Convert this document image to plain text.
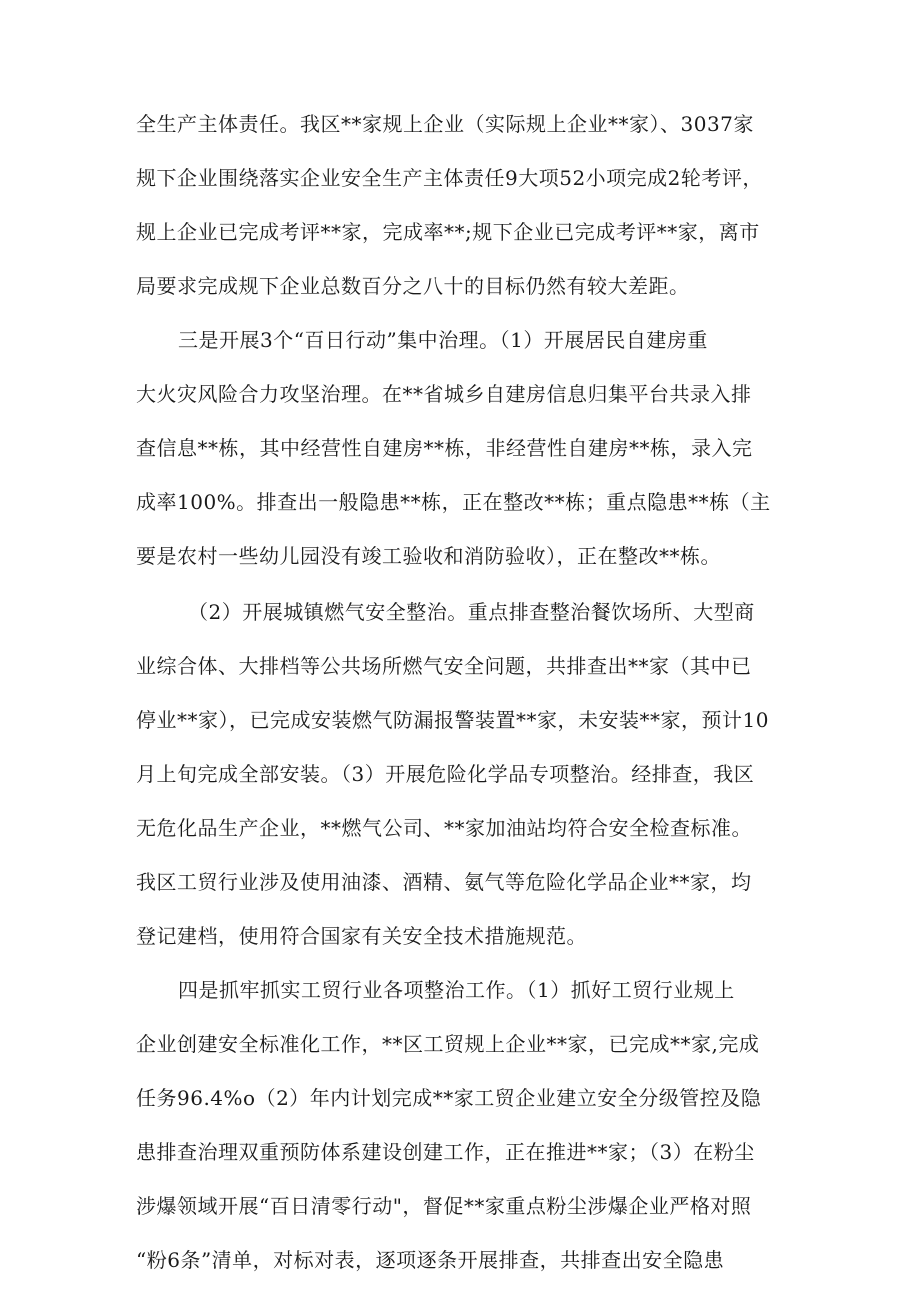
全生产主体责任。我区**家规上企业（实际规上企业**家）、3037家
规下企业围绕落实企业安全生产主体责任9大项52小项完成2轮考评，
规上企业已完成考评**家，完成率**;规下企业已完成考评**家，离市
局要求完成规下企业总数百分之八十的目标仍然有较大差距。
三是开展3个“百日行动”集中治理。（1）开展居民自建房重
大火灾风险合力攻坚治理。在**省城乡自建房信息归集平台共录入排
查信息**栋，其中经营性自建房**栋，非经营性自建房**栋，录入完
成率100%。排查出一般隐患**栋，正在整改**栋；重点隐患**栋（主
要是农村一些幼儿园没有竣工验收和消防验收），正在整改**栋。
（2）开展城镇燃气安全整治。重点排查整治餐饮场所、大型商
业综合体、大排档等公共场所燃气安全问题，共排查出**家（其中已
停业**家），已完成安装燃气防漏报警装置**家，未安装**家，预计10
月上旬完成全部安装。（3）开展危险化学品专项整治。经排查，我区
无危化品生产企业，**燃气公司、**家加油站均符合安全检查标准。
我区工贸行业涉及使用油漆、酒精、氨气等危险化学品企业**家，均
登记建档，使用符合国家有关安全技术措施规范。
四是抓牢抓实工贸行业各项整治工作。（1）抓好工贸行业规上
企业创建安全标准化工作，**区工贸规上企业**家，已完成**家,完成
任务96.4%o（2）年内计划完成**家工贸企业建立安全分级管控及隐
患排查治理双重预防体系建设创建工作，正在推进**家；（3）在粉尘
涉爆领域开展“百日清零行动"，督促**家重点粉尘涉爆企业严格对照
“粉6条”清单，对标对表，逐项逐条开展排查，共排查出安全隐患
